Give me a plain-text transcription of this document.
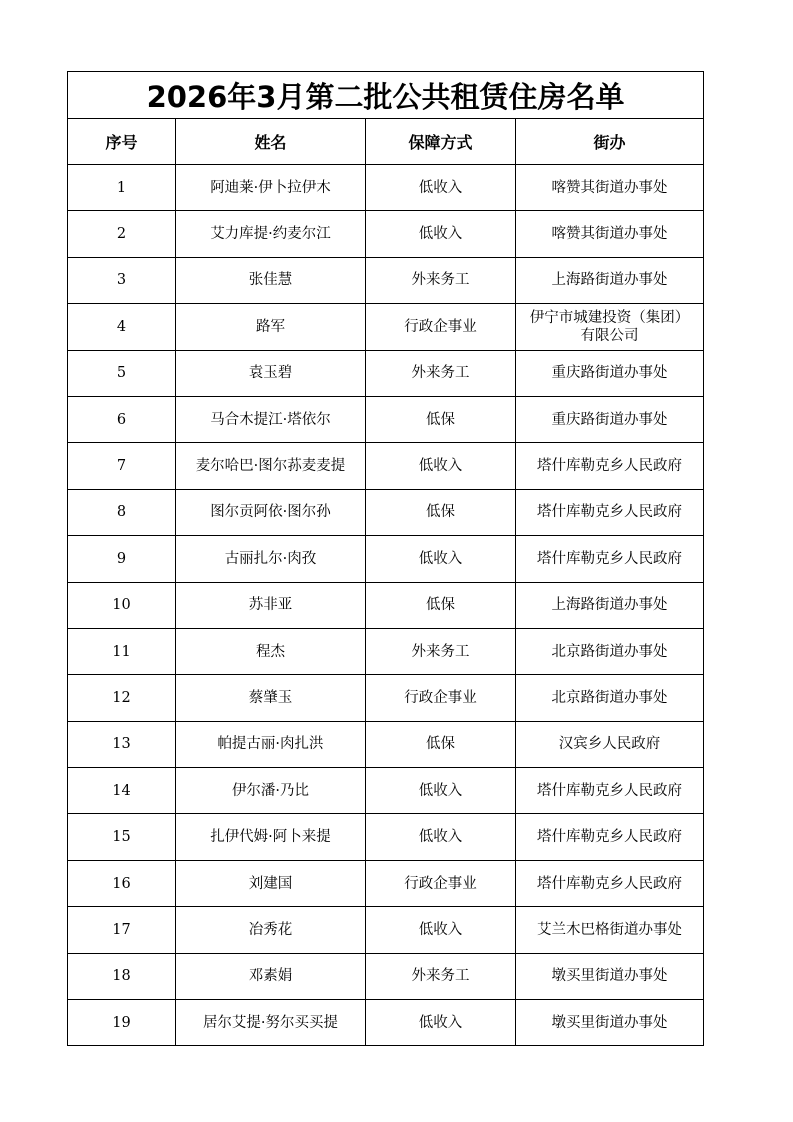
2026年3月第二批公共租赁住房名单			
序号	姓名	保障方式	街办
1	阿迪莱·伊卜拉伊木	低收入	喀赞其街道办事处

2	艾力库提·约麦尔江	低收入	喀赞其街道办事处

3	张佳慧	外来务工	上海路街道办事处

4	路军	行政企事业	伊宁市城建投资（集团）
有限公司

5	袁玉碧	外来务工	重庆路街道办事处

6	马合木提江·塔依尔	低保	重庆路街道办事处

7	麦尔哈巴·图尔荪麦麦提	低收入	塔什库勒克乡人民政府

8	图尔贡阿依·图尔孙	低保	塔什库勒克乡人民政府

9	古丽扎尔·肉孜	低收入	塔什库勒克乡人民政府

10	苏非亚	低保	上海路街道办事处

11	程杰	外来务工	北京路街道办事处

12	蔡肇玉	行政企事业	北京路街道办事处

13	帕提古丽·肉扎洪	低保	汉宾乡人民政府

14	伊尔潘·乃比	低收入	塔什库勒克乡人民政府

15	扎伊代姆·阿卜来提	低收入	塔什库勒克乡人民政府

16	刘建国	行政企事业	塔什库勒克乡人民政府

17	冶秀花	低收入	艾兰木巴格街道办事处

18	邓素娟	外来务工	墩买里街道办事处

19	居尔艾提·努尔买买提	低收入	墩买里街道办事处
